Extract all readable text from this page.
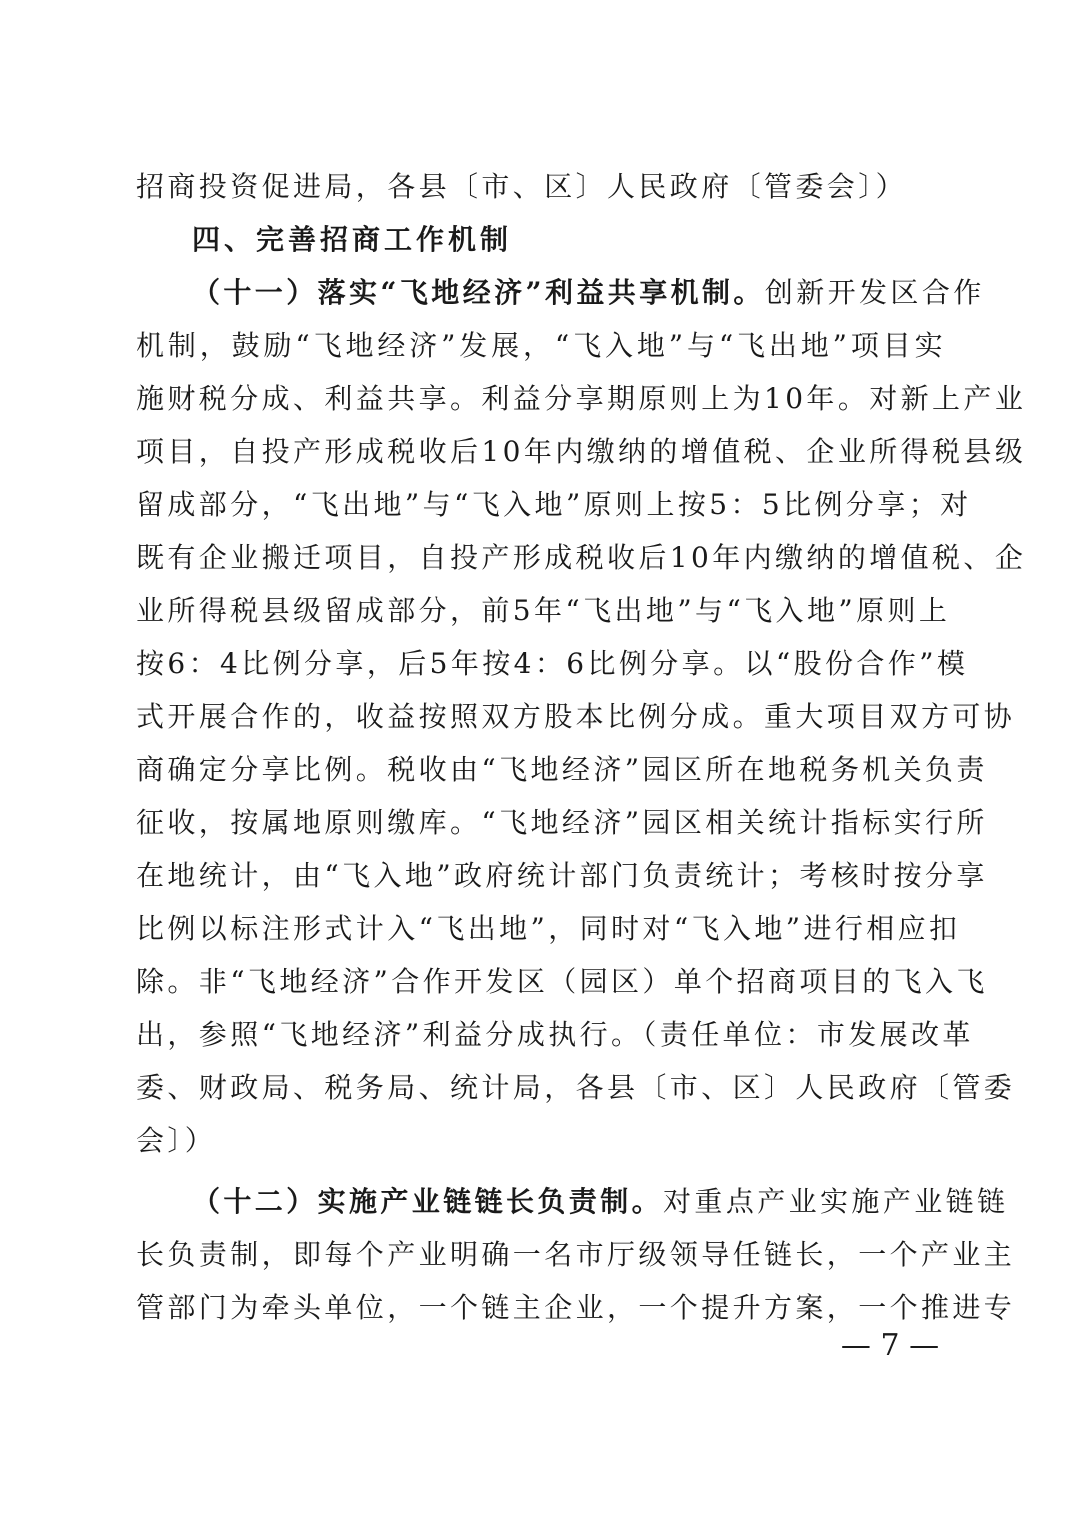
招商投资促进局，各县〔市、区〕人民政府〔管委会〕）
四、完善招商工作机制
（十一）落实“飞地经济”利益共享机制。创新开发区合作
机制，鼓励“飞地经济”发展，“飞入地”与“飞出地”项目实
施财税分成、利益共享。利益分享期原则上为10年。对新上产业
项目，自投产形成税收后10年内缴纳的增值税、企业所得税县级
留成部分，“飞出地”与“飞入地”原则上按5：5比例分享；对
既有企业搬迁项目，自投产形成税收后10年内缴纳的增值税、企
业所得税县级留成部分，前5年“飞出地”与“飞入地”原则上
按6：4比例分享，后5年按4：6比例分享。以“股份合作”模
式开展合作的，收益按照双方股本比例分成。重大项目双方可协
商确定分享比例。税收由“飞地经济”园区所在地税务机关负责
征收，按属地原则缴库。“飞地经济”园区相关统计指标实行所
在地统计，由“飞入地”政府统计部门负责统计；考核时按分享
比例以标注形式计入“飞出地”，同时对“飞入地”进行相应扣
除。非“飞地经济”合作开发区（园区）单个招商项目的飞入飞
出，参照“飞地经济”利益分成执行。（责任单位：市发展改革
委、财政局、税务局、统计局，各县〔市、区〕人民政府〔管委
会〕）
（十二）实施产业链链长负责制。对重点产业实施产业链链
长负责制，即每个产业明确一名市厅级领导任链长，一个产业主
管部门为牵头单位，一个链主企业，一个提升方案，一个推进专
— 7 —
